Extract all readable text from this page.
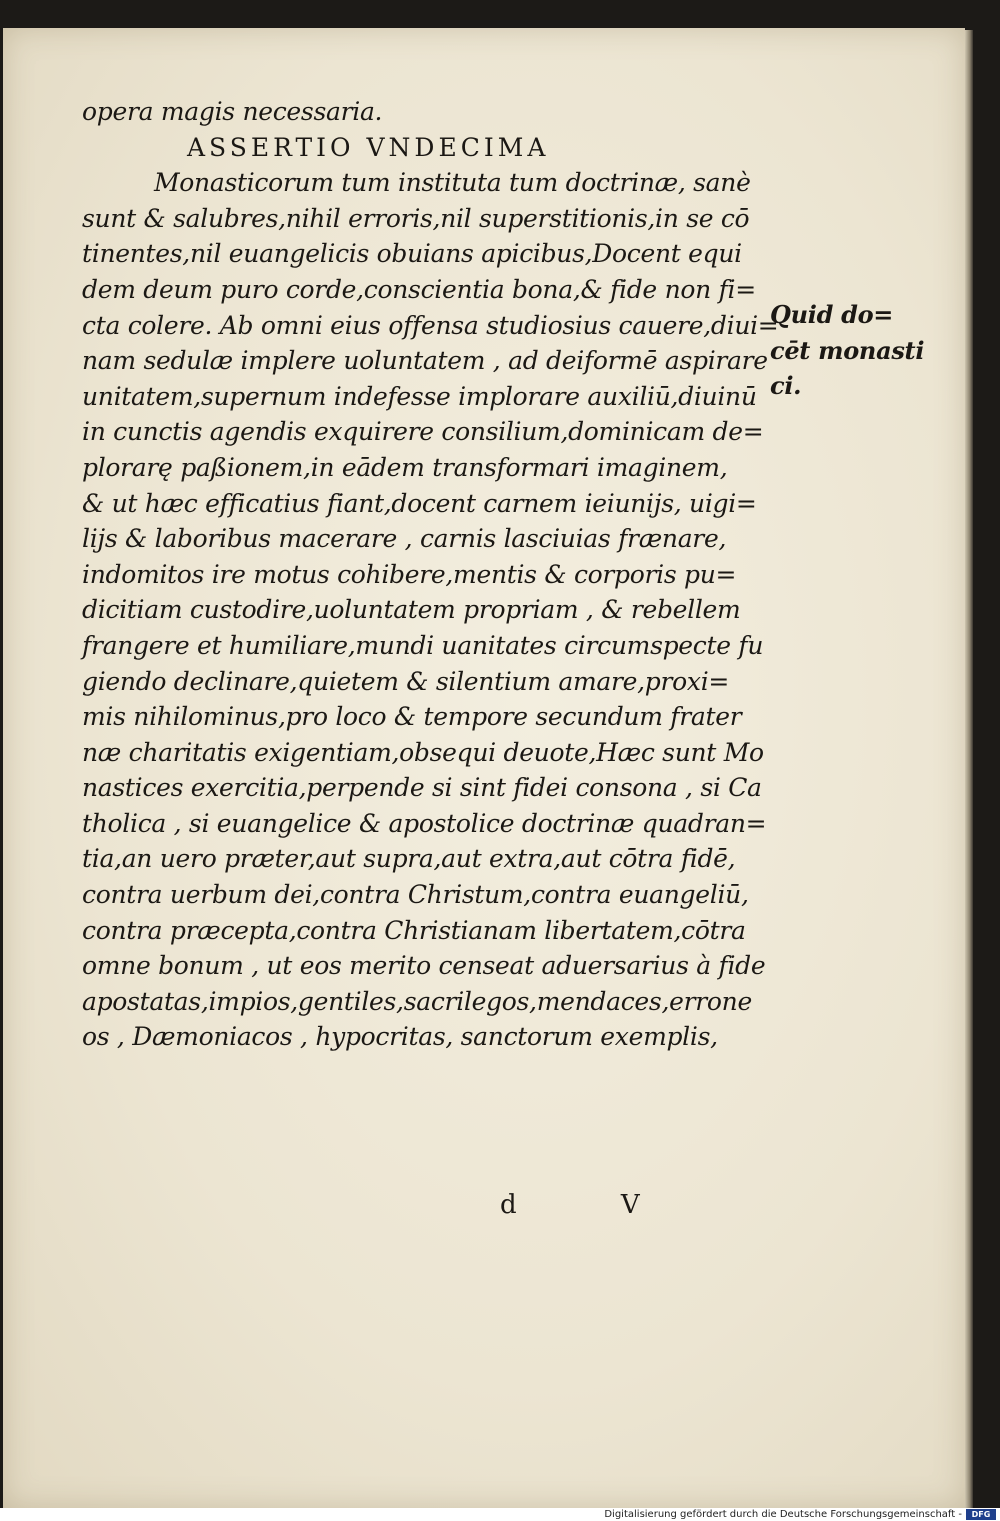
opera magis necessaria.
ASSERTIO VNDECIMA
Monasticorum tum instituta tum doctrinæ, sanè
sunt & salubres,nihil erroris,nil superstitionis,in se cō
tinentes,nil euangelicis obuians apicibus,Docent equi
dem deum puro corde,conscientia bona,& fide non fi=
cta colere. Ab omni eius offensa studiosius cauere,diui=
nam sedulæ implere uoluntatem , ad deiformē aspirare
unitatem,supernum indefesse implorare auxiliū,diuinū
in cunctis agendis exquirere consilium,dominicam de=
plorarę paßionem,in eādem transformari imaginem,
& ut hæc efficatius fiant,docent carnem ieiunijs, uigi=
lijs & laboribus macerare , carnis lasciuias frænare,
indomitos ire motus cohibere,mentis & corporis pu=
dicitiam custodire,uoluntatem propriam , & rebellem
frangere et humiliare,mundi uanitates circumspecte fu
giendo declinare,quietem & silentium amare,proxi=
mis nihilominus,pro loco & tempore secundum frater
næ charitatis exigentiam,obsequi deuote,Hæc sunt Mo
nastices exercitia,perpende si sint fidei consona , si Ca
tholica , si euangelice & apostolice doctrinæ quadran=
tia,an uero præter,aut supra,aut extra,aut cōtra fidē,
contra uerbum dei,contra Christum,contra euangeliū,
contra præcepta,contra Christianam libertatem,cōtra
omne bonum , ut eos merito censeat aduersarius à fide
apostatas,impios,gentiles,sacrilegos,mendaces,errone
os , Dæmoniacos , hypocritas, sanctorum exemplis,
Quid do=
cēt monasti
ci.
d V
Digitalisierung gefördert durch die Deutsche Forschungsgemeinschaft -	DFG
